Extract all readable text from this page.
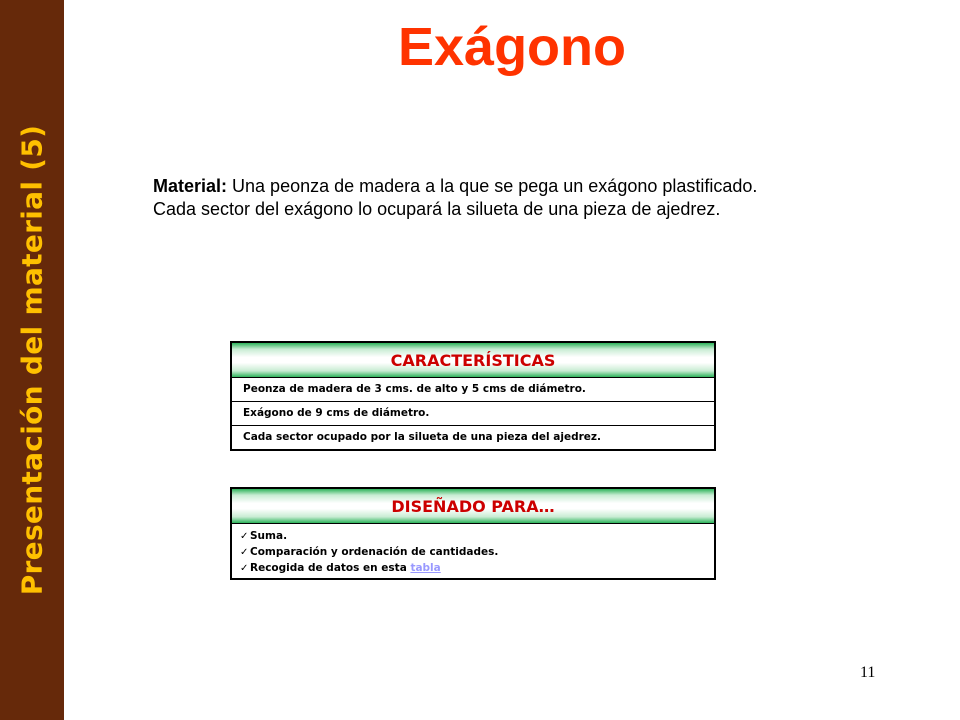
Presentación del material (5)
Exágono
Material: Una peonza de madera a la que se pega un exágono plastificado.
Cada sector del exágono lo ocupará la silueta de una pieza de ajedrez.
CARACTERÍSTICAS
Peonza de madera de 3 cms. de alto y 5 cms de diámetro.
Exágono de 9 cms de diámetro.
Cada sector ocupado por la silueta de una pieza del ajedrez.
DISEÑADO PARA…
✓ Suma.
✓ Comparación y ordenación de cantidades.
✓ Recogida de datos en esta tabla
11
